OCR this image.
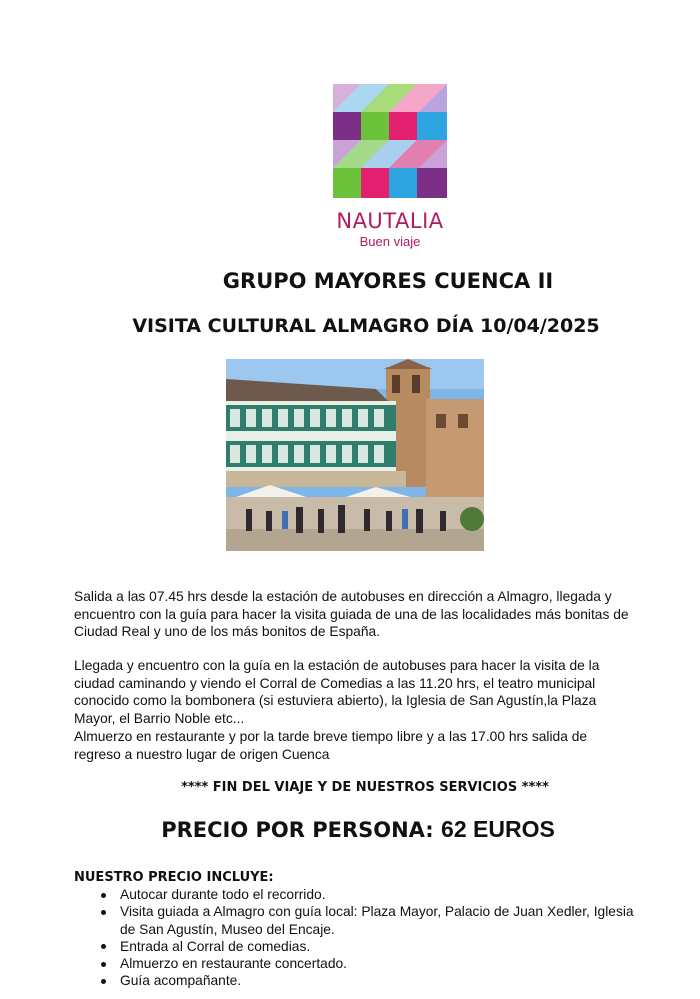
NAUTALIA
Buen viaje
GRUPO MAYORES CUENCA II
VISITA CULTURAL ALMAGRO DÍA 10/04/2025
Salida a las 07.45 hrs desde la estación de autobuses en dirección a Almagro, llegada y encuentro con la guía para hacer la visita guiada de una de las localidades más bonitas de Ciudad Real y uno de los más bonitos de España.
Llegada y encuentro con la guía en la estación de autobuses para hacer la visita de la ciudad caminando y viendo el Corral de Comedias a las 11.20 hrs, el teatro municipal conocido como la bombonera (si estuviera abierto), la Iglesia de San Agustín,la Plaza Mayor, el Barrio Noble etc...
Almuerzo en restaurante y por la tarde breve tiempo libre y a las 17.00 hrs salida de regreso a nuestro lugar de origen Cuenca
**** FIN DEL VIAJE Y DE NUESTROS SERVICIOS ****
PRECIO POR PERSONA: 62 EUROS
NUESTRO PRECIO INCLUYE:
Autocar durante todo el recorrido.
Visita guiada a Almagro con guía local: Plaza Mayor, Palacio de Juan Xedler, Iglesia de San Agustín, Museo del Encaje.
Entrada al Corral de comedias.
Almuerzo en restaurante concertado.
Guía acompañante.
